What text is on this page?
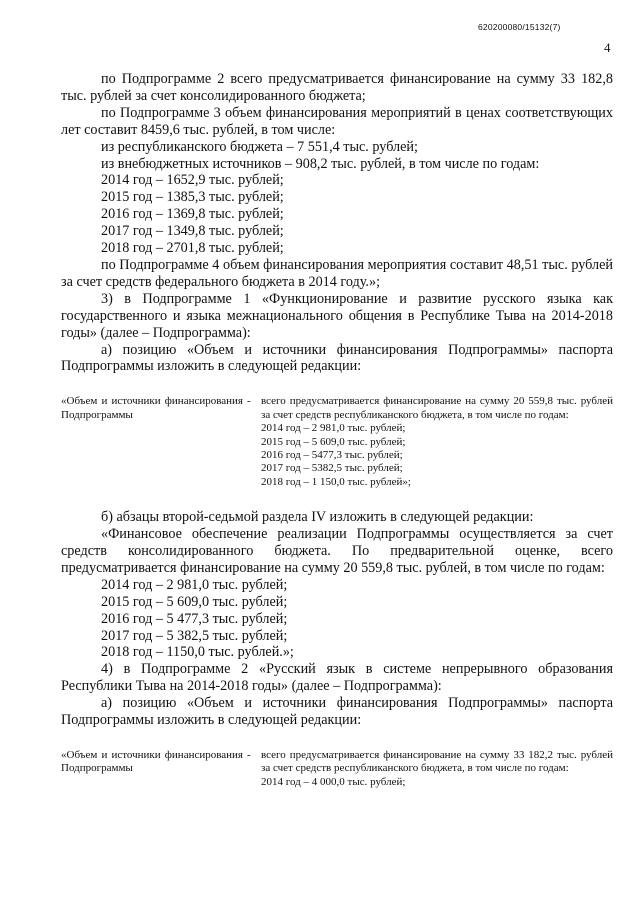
620200080/15132(7)
4

по Подпрограмме 2 всего предусматривается финансирование на сумму 33 182,8 тыс. рублей за счет консолидированного бюджета;

по Подпрограмме 3 объем финансирования мероприятий в ценах соответствующих лет составит 8459,6 тыс. рублей, в том числе:

из республиканского бюджета – 7 551,4 тыс. рублей;

из внебюджетных источников – 908,2 тыс. рублей, в том числе по годам:

2014 год – 1652,9 тыс. рублей;

2015 год – 1385,3 тыс. рублей;

2016 год – 1369,8 тыс. рублей;

2017 год – 1349,8 тыс. рублей;

2018 год – 2701,8 тыс. рублей;

по Подпрограмме 4 объем финансирования мероприятия составит 48,51 тыс. рублей за счет средств федерального бюджета в 2014 году.»;

3) в Подпрограмме 1 «Функционирование и развитие русского языка как государственного и языка межнационального общения в Республике Тыва на 2014-2018 годы» (далее – Подпрограмма):

а) позицию «Объем и источники финансирования Подпрограммы» паспорта Подпрограммы изложить в следующей редакции:

«Объем и источники финансирования Подпрограммы
- всего предусматривается финансирование на сумму 20 559,8 тыс. рублей за счет средств республиканского бюджета, в том числе по годам:

2014 год – 2 981,0 тыс. рублей;

2015 год – 5 609,0 тыс. рублей;

2016 год – 5477,3 тыс. рублей;

2017 год – 5382,5 тыс. рублей;

2018 год – 1 150,0 тыс. рублей»;

б) абзацы второй-седьмой раздела IV изложить в следующей редакции:

«Финансовое обеспечение реализации Подпрограммы осуществляется за счет средств консолидированного бюджета. По предварительной оценке, всего предусматривается финансирование на сумму 20 559,8 тыс. рублей, в том числе по годам:

2014 год – 2 981,0 тыс. рублей;

2015 год – 5 609,0 тыс. рублей;

2016 год – 5 477,3 тыс. рублей;

2017 год – 5 382,5 тыс. рублей;

2018 год – 1150,0 тыс. рублей.»;

4) в Подпрограмме 2 «Русский язык в системе непрерывного образования Республики Тыва на 2014-2018 годы» (далее – Подпрограмма):

а) позицию «Объем и источники финансирования Подпрограммы» паспорта Подпрограммы изложить в следующей редакции:

«Объем и источники финансирования Подпрограммы
- всего предусматривается финансирование на сумму 33 182,2 тыс. рублей за счет средств республиканского бюджета, в том числе по годам:

2014 год – 4 000,0 тыс. рублей;
